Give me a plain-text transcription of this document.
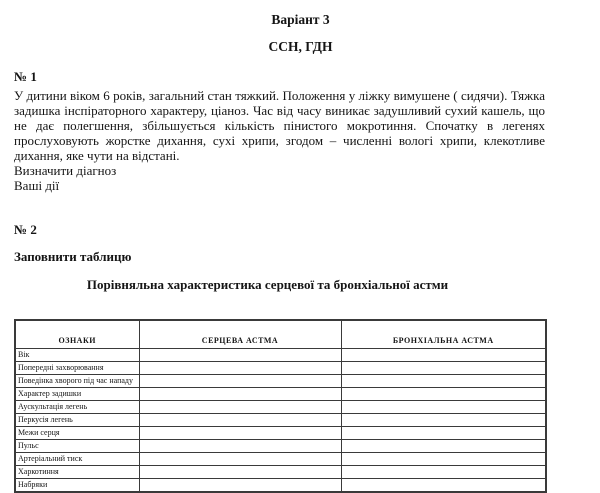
Варіант 3
ССН, ГДН
№ 1

У дитини віком 6 років, загальний стан тяжкий. Положення у ліжку вимушене ( сидячи). Тяжка задишка інспіраторного характеру, ціаноз. Час від часу виникає задушливий сухий кашель, що не дає полегшення, збільшується кількість пінистого мокротиння. Спочатку в легенях прослуховують жорстке дихання, сухі хрипи, згодом – численні вологі хрипи, клекотливе дихання, яке чути на відстані.

Визначити діагноз
Ваші дії
№ 2
Заповнити таблицю
Порівняльна характеристика серцевої та бронхіальної астми
ОЗНАКИ	СЕРЦЕВА АСТМА	БРОНХІАЛЬНА АСТМА
Вік		
Попередні захворювання		
Поведінка хворого під час нападу		
Характер задишки		
Аускультація легень		
Перкусія легень		
Межи серця		
Пульс		
Артеріальний тиск		
Харкотиння		
Набряки		
